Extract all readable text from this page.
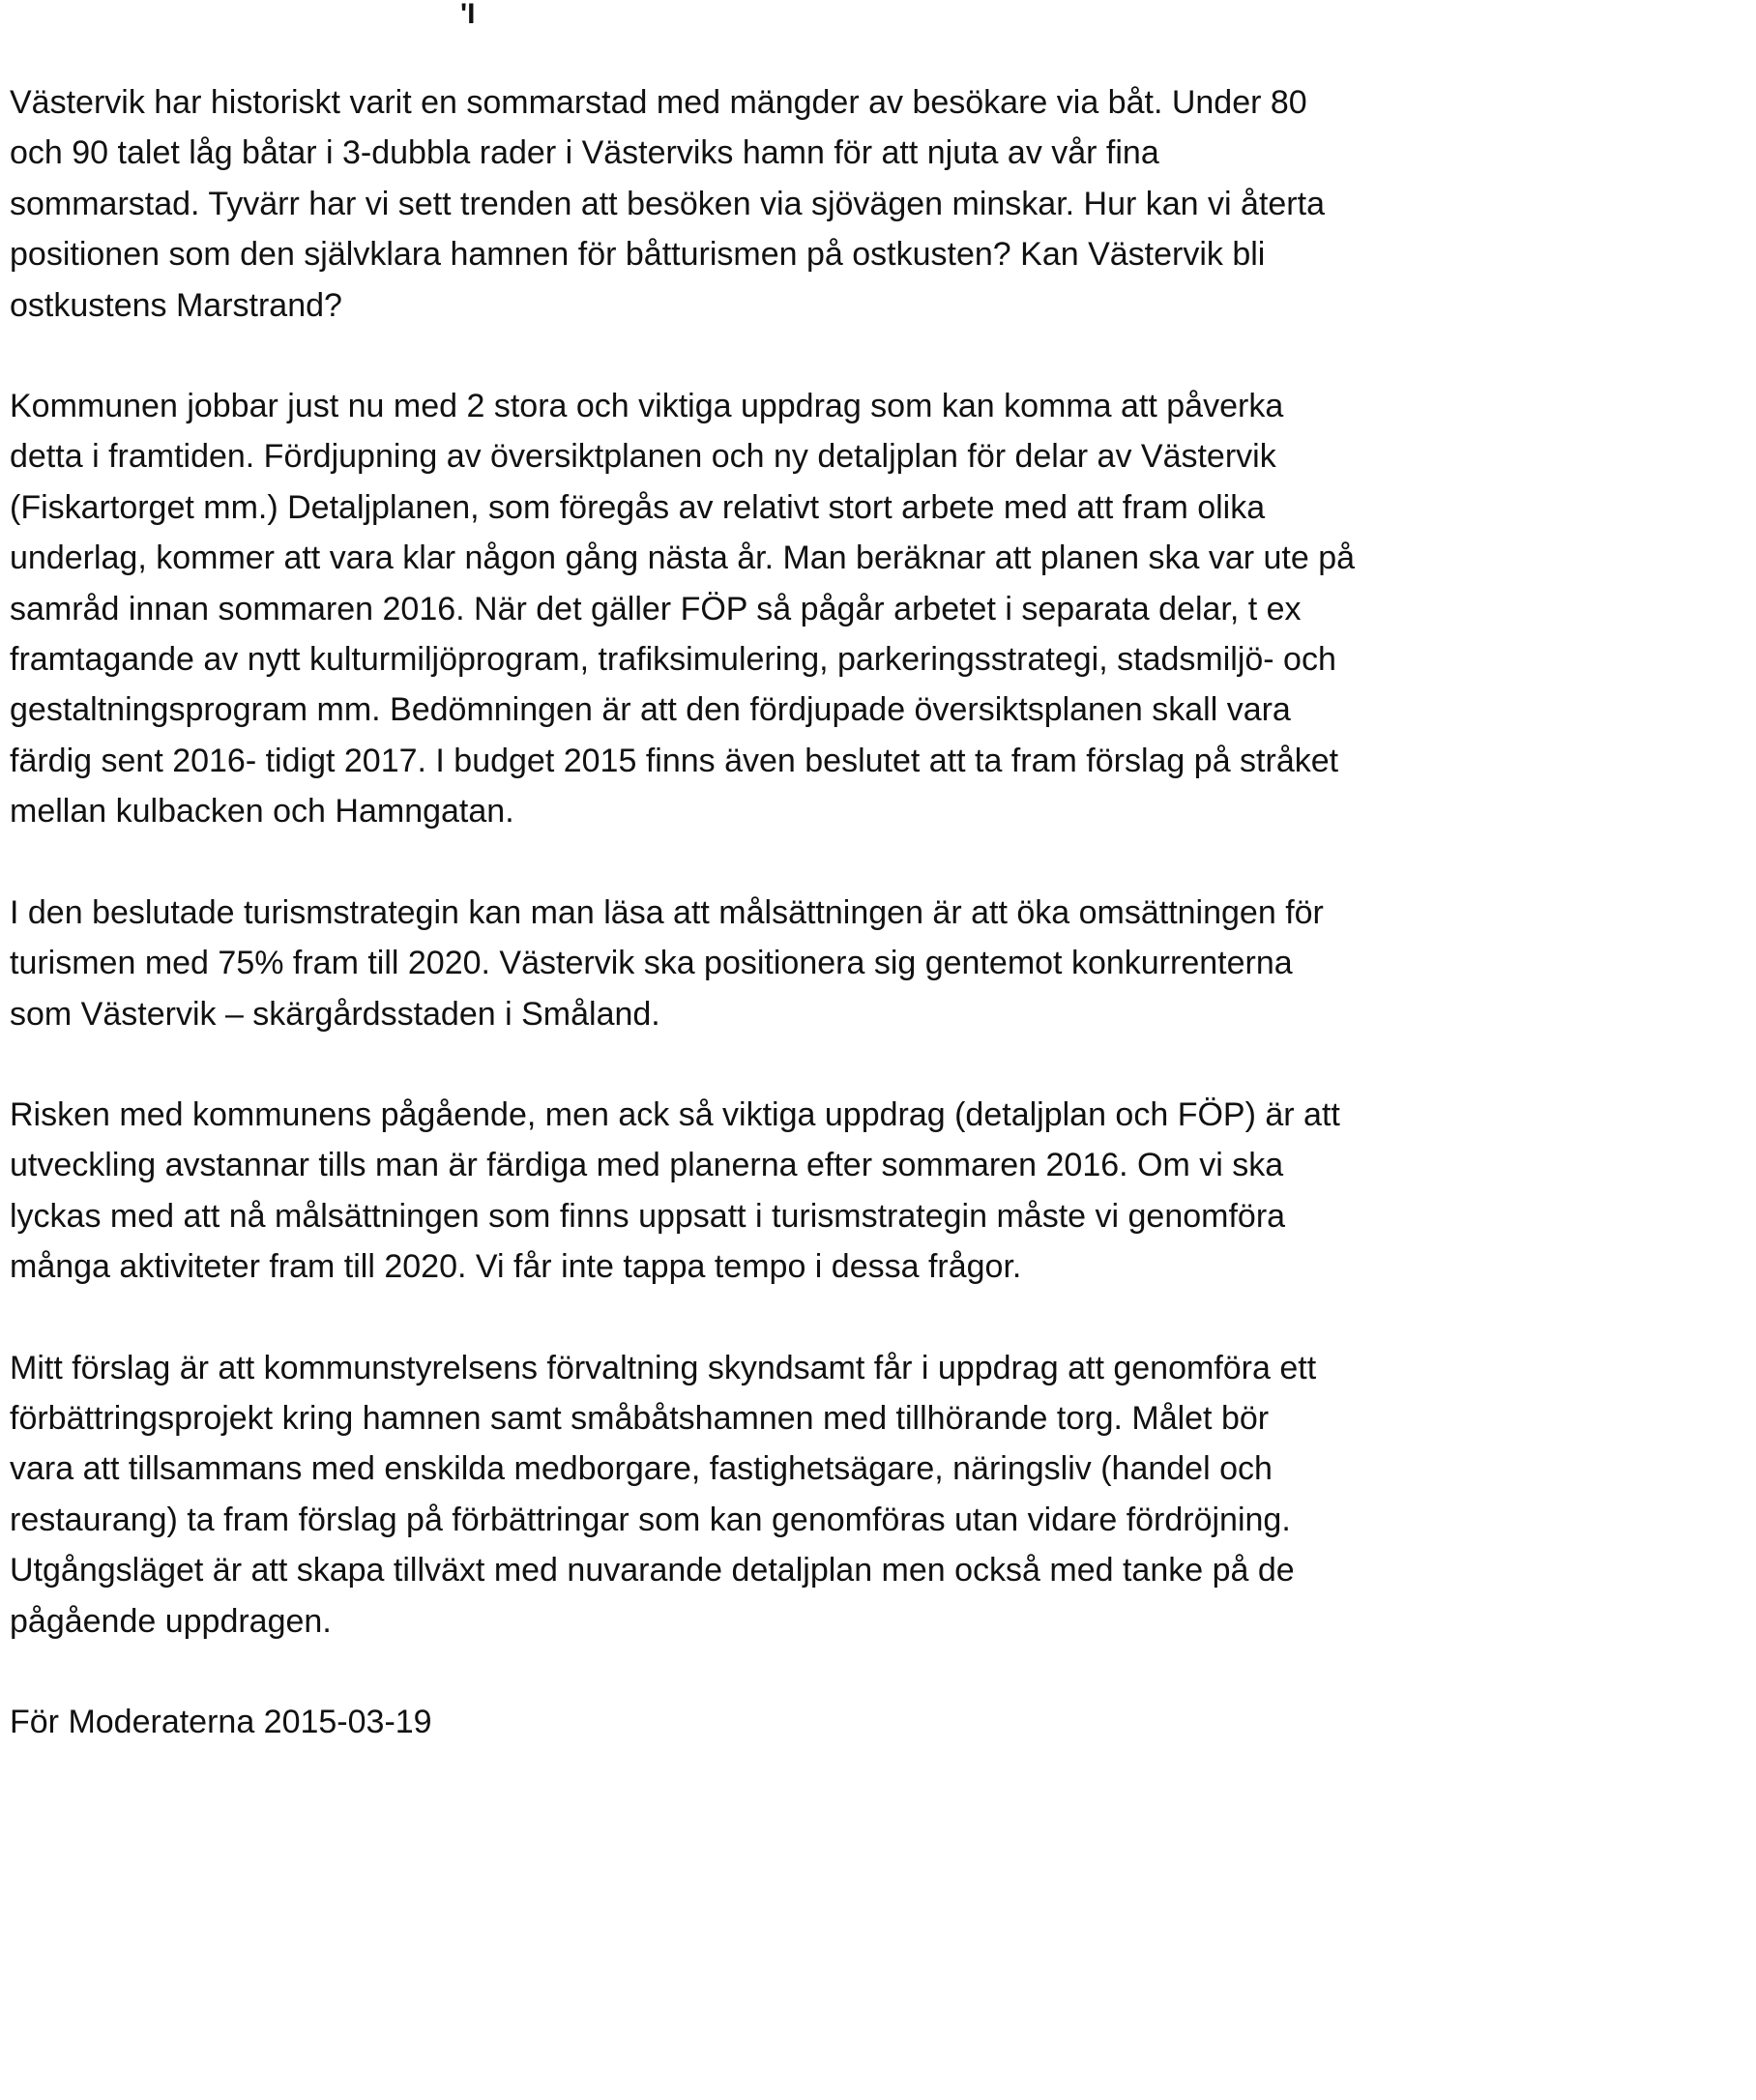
'I

Västervik har historiskt varit en sommarstad med mängder av besökare via båt. Under 80
och 90 talet låg båtar i 3-dubbla rader i Västerviks hamn för att njuta av vår fina
sommarstad. Tyvärr har vi sett trenden att besöken via sjövägen minskar. Hur kan vi återta
positionen som den självklara hamnen för båtturismen på ostkusten? Kan Västervik bli
ostkustens Marstrand?

Kommunen jobbar just nu med 2 stora och viktiga uppdrag som kan komma att påverka
detta i framtiden. Fördjupning av översiktplanen och ny detaljplan för delar av Västervik
(Fiskartorget mm.) Detaljplanen, som föregås av relativt stort arbete med att fram olika
underlag, kommer att vara klar någon gång nästa år. Man beräknar att planen ska var ute på
samråd innan sommaren 2016. När det gäller FÖP så pågår arbetet i separata delar, t ex
framtagande av nytt kulturmiljöprogram, trafiksimulering, parkeringsstrategi, stadsmiljö- och
gestaltningsprogram mm. Bedömningen är att den fördjupade översiktsplanen skall vara
färdig sent 2016- tidigt 2017. I budget 2015 finns även beslutet att ta fram förslag på stråket
mellan kulbacken och Hamngatan.

I den beslutade turismstrategin kan man läsa att målsättningen är att öka omsättningen för
turismen med 75% fram till 2020. Västervik ska positionera sig gentemot konkurrenterna
som Västervik – skärgårdsstaden i Småland.

Risken med kommunens pågående, men ack så viktiga uppdrag (detaljplan och FÖP) är att
utveckling avstannar tills man är färdiga med planerna efter sommaren 2016. Om vi ska
lyckas med att nå målsättningen som finns uppsatt i turismstrategin måste vi genomföra
många aktiviteter fram till 2020. Vi får inte tappa tempo i dessa frågor.

Mitt förslag är att kommunstyrelsens förvaltning skyndsamt får i uppdrag att genomföra ett
förbättringsprojekt kring hamnen samt småbåtshamnen med tillhörande torg. Målet bör
vara att tillsammans med enskilda medborgare, fastighetsägare, näringsliv (handel och
restaurang) ta fram förslag på förbättringar som kan genomföras utan vidare fördröjning.
Utgångsläget är att skapa tillväxt med nuvarande detaljplan men också med tanke på de
pågående uppdragen.

För Moderaterna 2015-03-19
